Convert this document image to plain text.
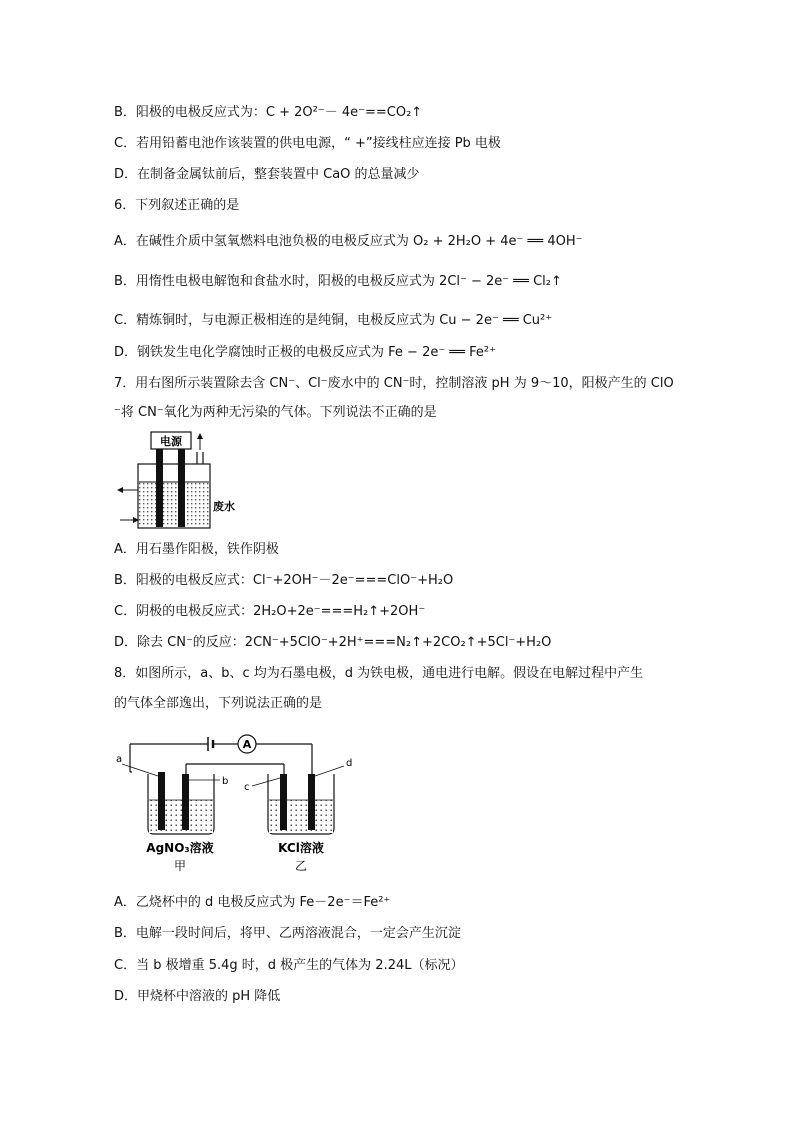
B．阳极的电极反应式为：C + 2O²⁻－ 4e⁻==CO₂↑
C．若用铅蓄电池作该装置的供电电源，“ +”接线柱应连接 Pb 电极
D．在制备金属钛前后，整套装置中 CaO 的总量减少
6．下列叙述正确的是
A．在碱性介质中氢氧燃料电池负极的电极反应式为 O₂ + 2H₂O + 4e⁻ ══ 4OH⁻
B．用惰性电极电解饱和食盐水时，阳极的电极反应式为 2Cl⁻ − 2e⁻ ══ Cl₂↑
C．精炼铜时，与电源正极相连的是纯铜，电极反应式为 Cu − 2e⁻ ══ Cu²⁺
D．钢铁发生电化学腐蚀时正极的电极反应式为 Fe − 2e⁻ ══ Fe²⁺
7．用右图所示装置除去含 CN⁻、Cl⁻废水中的 CN⁻时，控制溶液 pH 为 9～10，阳极产生的 ClO
⁻将 CN⁻氧化为两种无污染的气体。下列说法不正确的是
电源
废水
A．用石墨作阳极，铁作阴极
B．阳极的电极反应式：Cl⁻+2OH⁻－2e⁻===ClO⁻+H₂O
C．阴极的电极反应式：2H₂O+2e⁻===H₂↑+2OH⁻
D．除去 CN⁻的反应：2CN⁻+5ClO⁻+2H⁺===N₂↑+2CO₂↑+5Cl⁻+H₂O
8．如图所示，a、b、c 均为石墨电极，d 为铁电极，通电进行电解。假设在电解过程中产生
的气体全部逸出，下列说法正确的是
A
a
b
c
d
AgNO₃溶液
甲
KCl溶液
乙
A．乙烧杯中的 d 电极反应式为 Fe－2e⁻＝Fe²⁺
B．电解一段时间后，将甲、乙两溶液混合，一定会产生沉淀
C．当 b 极增重 5.4g 时，d 极产生的气体为 2.24L（标况）
D．甲烧杯中溶液的 pH 降低
